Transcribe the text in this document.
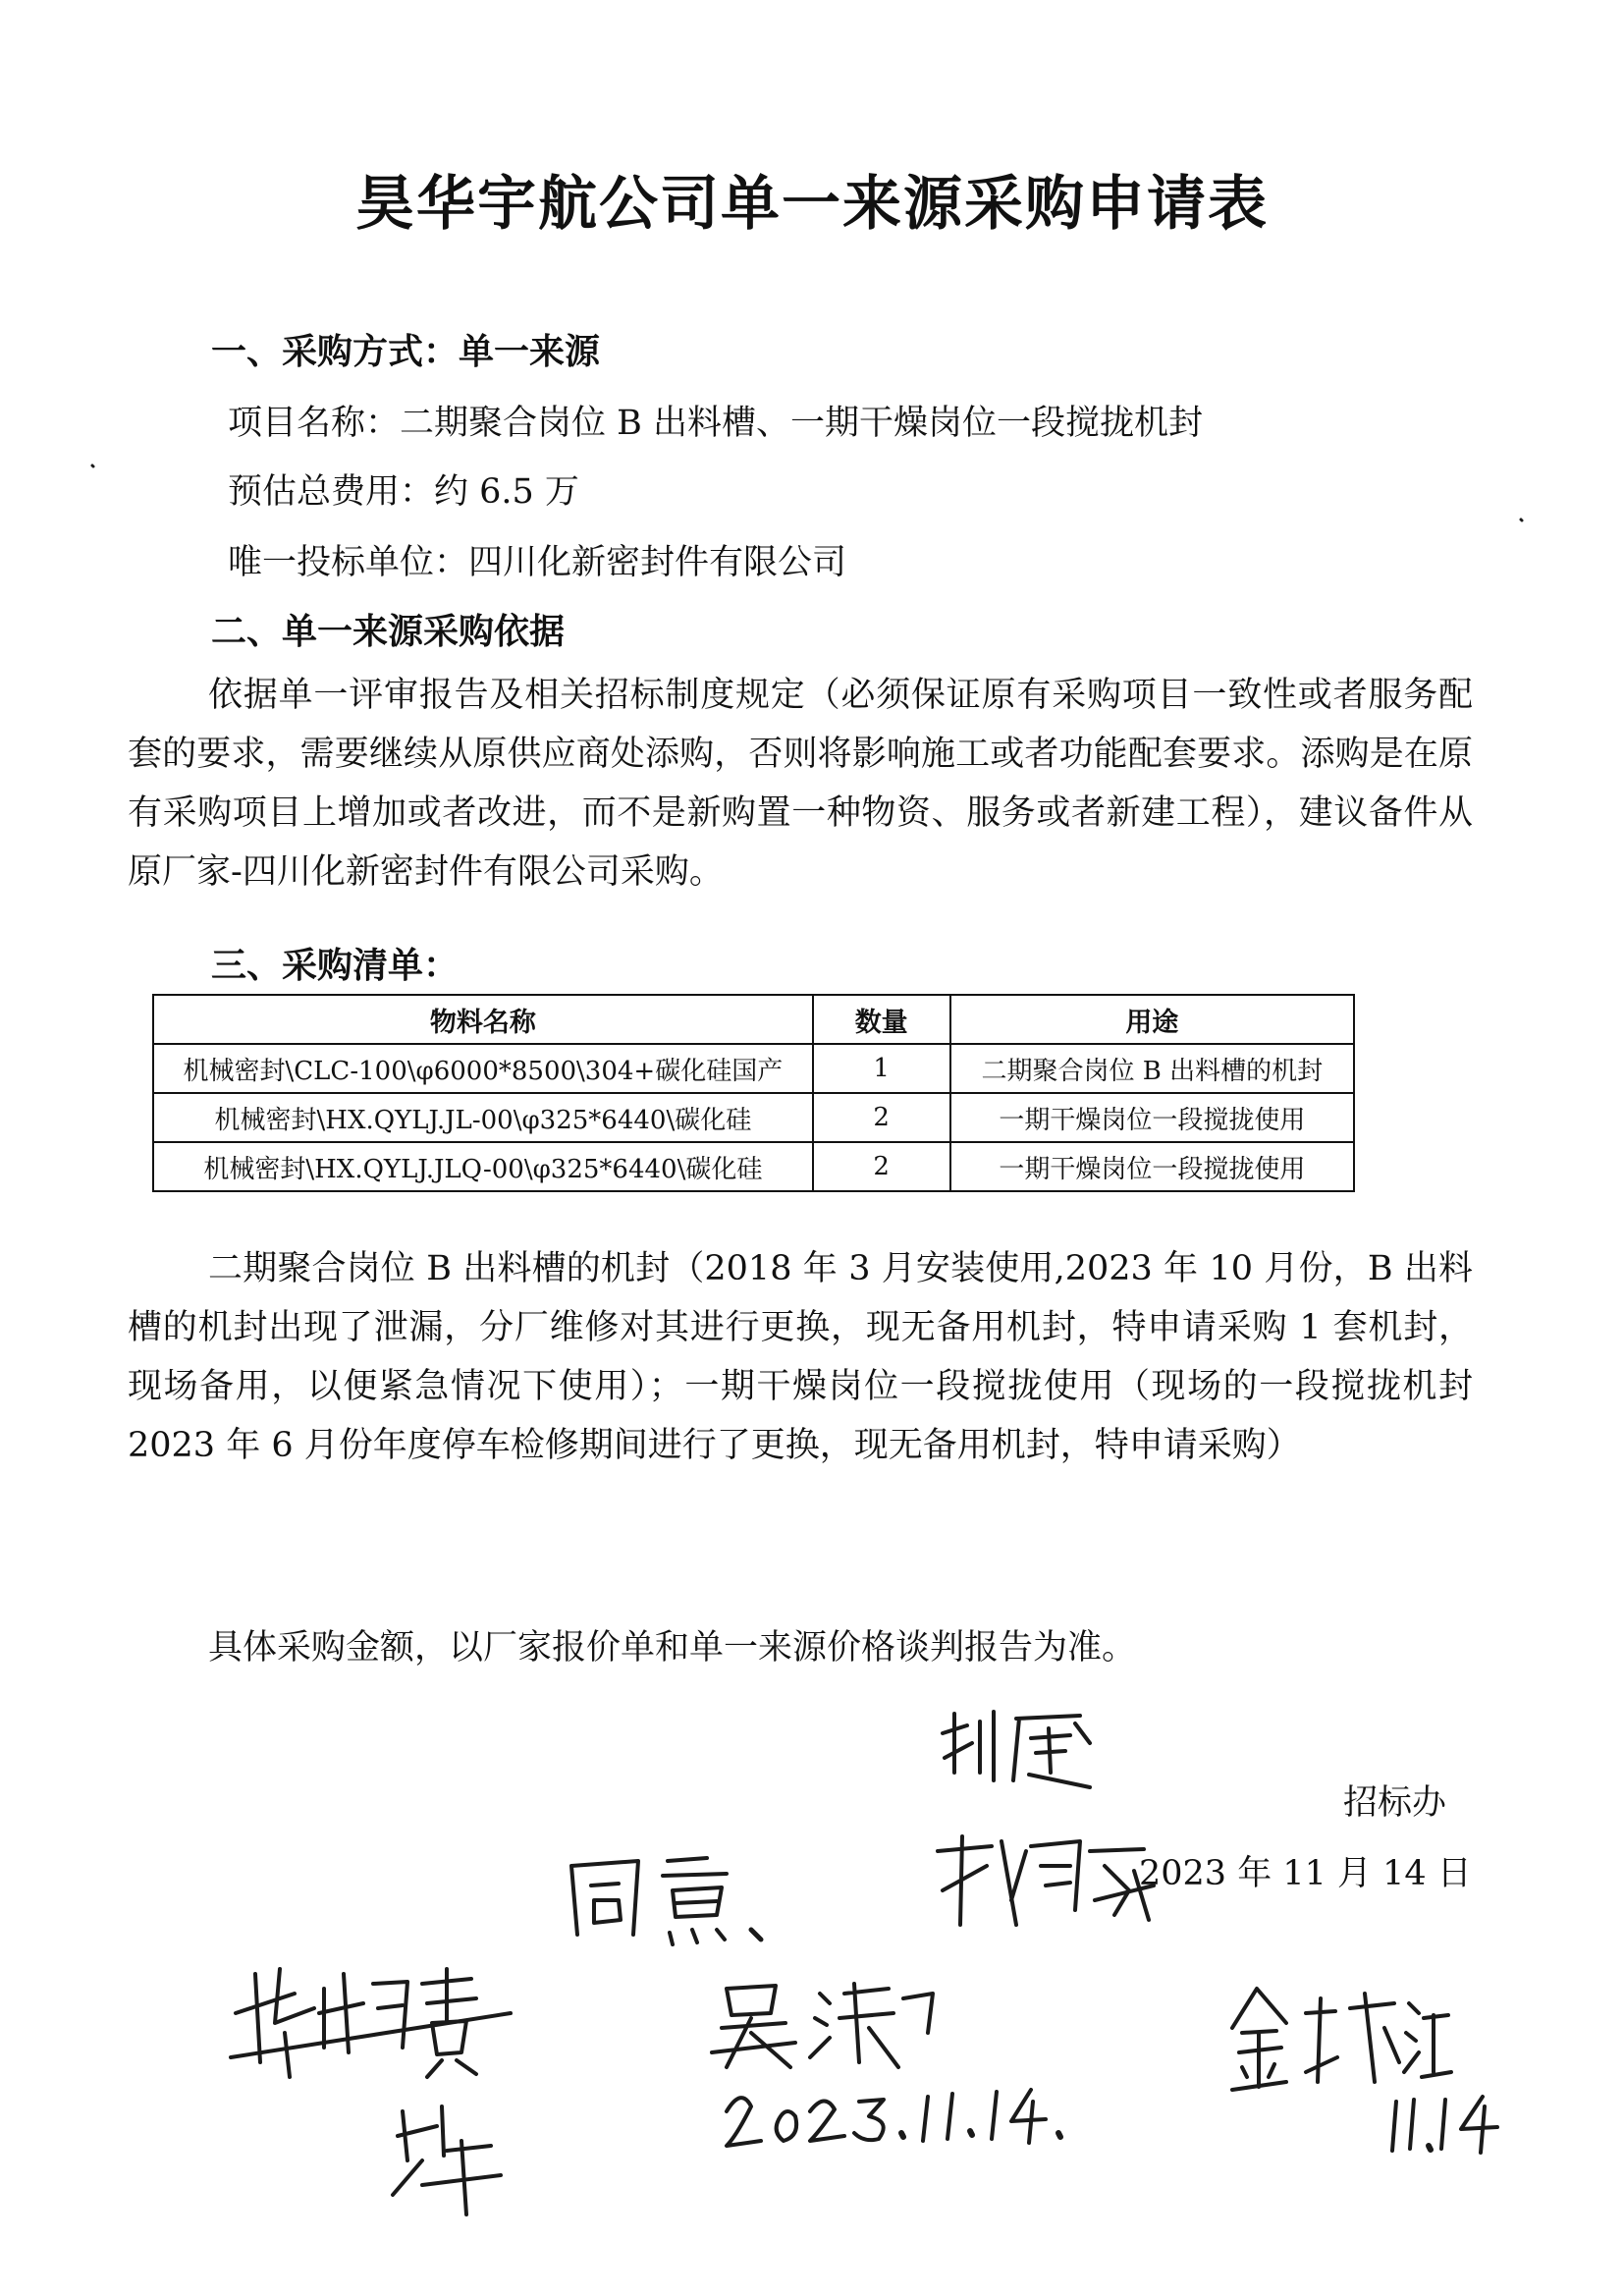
昊华宇航公司单一来源采购申请表
一、采购方式：单一来源
项目名称：二期聚合岗位 B 出料槽、一期干燥岗位一段搅拢机封
预估总费用：约 6.5 万
唯一投标单位：四川化新密封件有限公司
二、单一来源采购依据
依据单一评审报告及相关招标制度规定（必须保证原有采购项目一致性或者服务配套的要求，需要继续从原供应商处添购，否则将影响施工或者功能配套要求。添购是在原有采购项目上增加或者改进，而不是新购置一种物资、服务或者新建工程），建议备件从原厂家-四川化新密封件有限公司采购。
三、采购清单：
物料名称	数量	用途
机械密封\CLC-100\φ6000*8500\304+碳化硅国产	1	二期聚合岗位 B 出料槽的机封
机械密封\HX.QYLJ.JL-00\φ325*6440\碳化硅	2	一期干燥岗位一段搅拢使用
机械密封\HX.QYLJ.JLQ-00\φ325*6440\碳化硅	2	一期干燥岗位一段搅拢使用
二期聚合岗位 B 出料槽的机封（2018 年 3 月安装使用,2023 年 10 月份，B 出料槽的机封出现了泄漏，分厂维修对其进行更换，现无备用机封，特申请采购 1 套机封，现场备用，以便紧急情况下使用）；一期干燥岗位一段搅拢使用（现场的一段搅拢机封 2023 年 6 月份年度停车检修期间进行了更换，现无备用机封，特申请采购）
具体采购金额，以厂家报价单和单一来源价格谈判报告为准。
招标办
2023 年 11 月 14 日
